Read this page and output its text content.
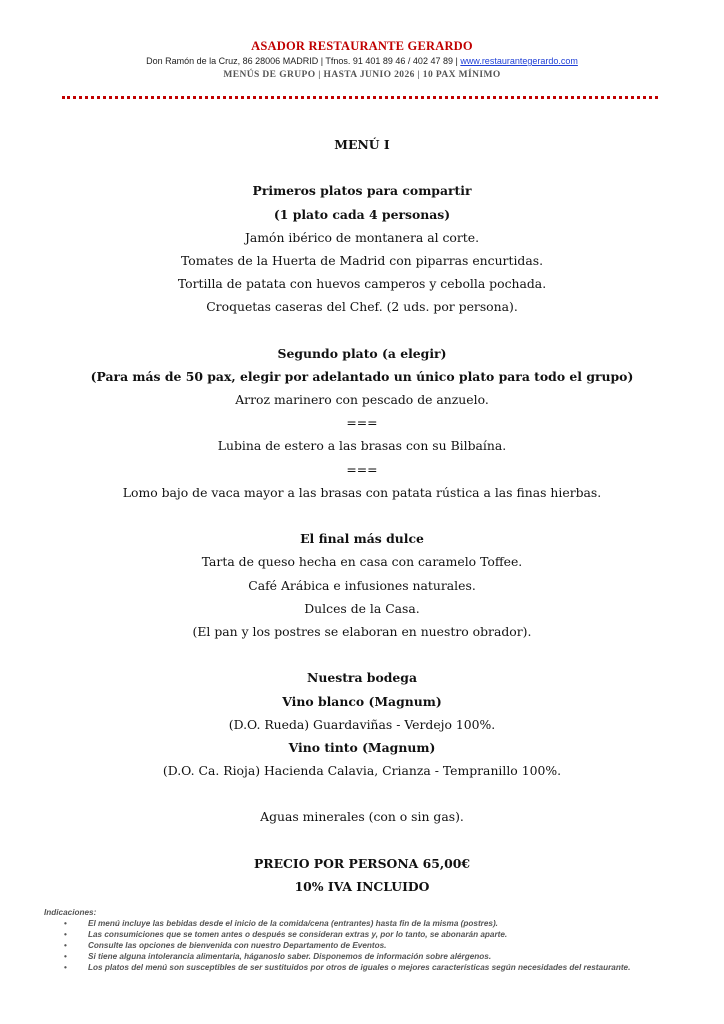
ASADOR RESTAURANTE GERARDO
Don Ramón de la Cruz, 86 28006 MADRID | Tfnos. 91 401 89 46 / 402 47 89 | www.restaurantegerardo.com
MENÚS DE GRUPO | HASTA JUNIO 2026 | 10 PAX MÍNIMO
MENÚ I
Primeros platos para compartir
(1 plato cada 4 personas)
Jamón ibérico de montanera al corte.
Tomates de la Huerta de Madrid con piparras encurtidas.
Tortilla de patata con huevos camperos y cebolla pochada.
Croquetas caseras del Chef. (2 uds. por persona).
Segundo plato (a elegir)
(Para más de 50 pax, elegir por adelantado un único plato para todo el grupo)
Arroz marinero con pescado de anzuelo.
===
Lubina de estero a las brasas con su Bilbaína.
===
Lomo bajo de vaca mayor a las brasas con patata rústica a las finas hierbas.
El final más dulce
Tarta de queso hecha en casa con caramelo Toffee.
Café Arábica e infusiones naturales.
Dulces de la Casa.
(El pan y los postres se elaboran en nuestro obrador).
Nuestra bodega
Vino blanco (Magnum)
(D.O. Rueda) Guardaviñas - Verdejo 100%.
Vino tinto (Magnum)
(D.O. Ca. Rioja) Hacienda Calavia, Crianza - Tempranillo 100%.
Aguas minerales (con o sin gas).
PRECIO POR PERSONA 65,00€
10% IVA INCLUIDO
Indicaciones:
•	El menú incluye las bebidas desde el inicio de la comida/cena (entrantes) hasta fin de la misma (postres).
•	Las consumiciones que se tomen antes o después se consideran extras y, por lo tanto, se abonarán aparte.
•	Consulte las opciones de bienvenida con nuestro Departamento de Eventos.
•	Si tiene alguna intolerancia alimentaria, háganoslo saber. Disponemos de información sobre alérgenos.
•	Los platos del menú son susceptibles de ser sustituidos por otros de iguales o mejores características según necesidades del restaurante.
